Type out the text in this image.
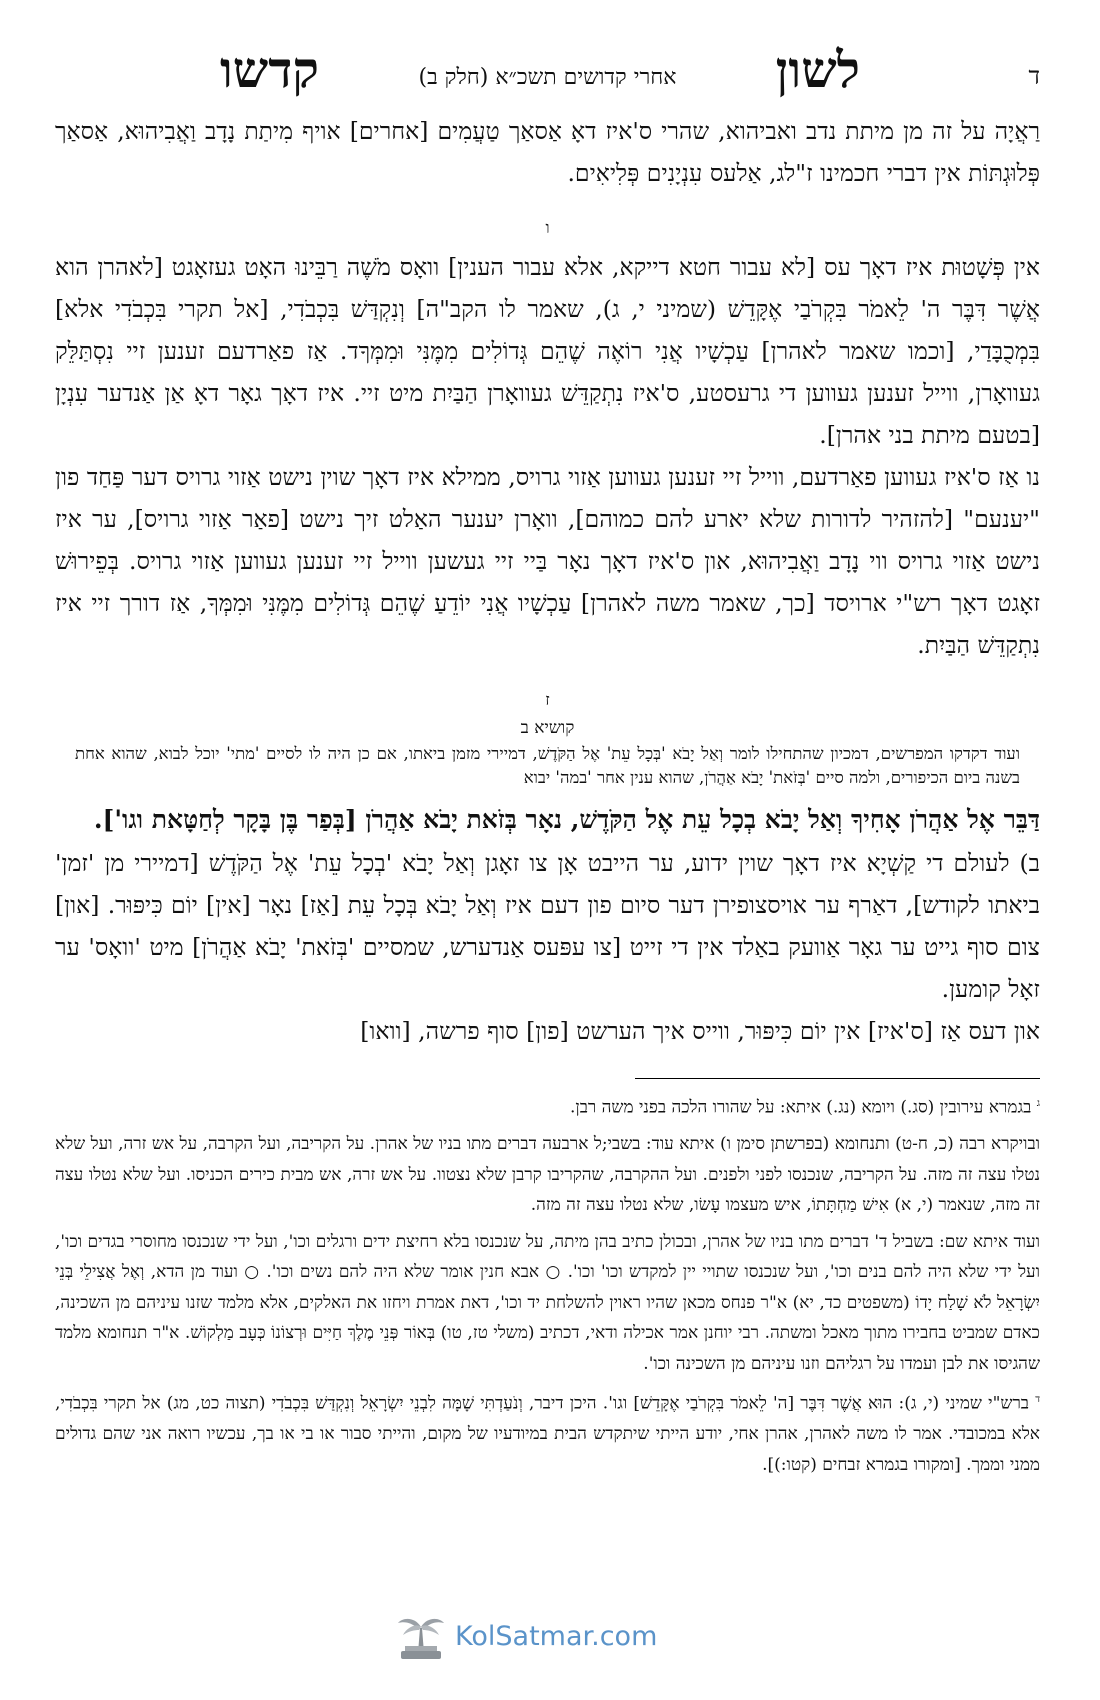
ד
לשון
אחרי קדושים תשכ״א (חלק ב)
קדשו

רַאֲיָה על זה מן מיתת נדב ואביהוא, שהרי ס'איז דאָ אַסאַך טַעֲמִים [אחרים] אויף מִיתַת נָדָב וַאֲבִיהוּא, אַסאַך פְּלוּגְתּוֹת אין דברי חכמינו ז"לג, אַלעס עִנְיָנִים פְּלִיאִים.

ו

אין פְּשָׁטוּת איז דאָך עס [לא עבור חטא דייקא, אלא עבור הענין] וואָס מֹשֶׁה רַבֵּינוּ האָט געזאָגט [לאהרן הוא אֲשֶׁר דִּבֶּר ה' לֵאמֹר בִּקְרֹבַי אֶקָּדֵשׁ (שמיני י, ג), שאמר לו הקב"ה] וְנִקְדַּשׁ בִּכְבֹדִי, [אל תקרי בִּכְבֹדִי אלא] בִּמְכֻבָּדַי, [וכמו שאמר לאהרן] עַכְשָׁיו אֲנִי רוֹאֶה שֶׁהֵם גְּדוֹלִים מִמֶּנִּי וּמִמְּךָד. אַז פאַרדעם זענען זיי נִסְתַּלֵּק געוואָרן, ווייל זענען געווען די גרעסטע, ס'איז נִתְקַדֵּשׁ געוואָרן הַבַּיִת מיט זיי. איז דאָך גאָר דאָ אַן אַנדער עִנְיָן [בטעם מיתת בני אהרן].

נו אַז ס'איז געווען פאַרדעם, ווייל זיי זענען געווען אַזוי גרויס, ממילא איז דאָך שוין נישט אַזוי גרויס דער פַּחַד פון "יענעם" [להזהיר לדורות שלא יארע להם כמוהם], וואָרן יענער האַלט זיך נישט [פאַר אַזוי גרויס], ער איז נישט אַזוי גרויס ווי נָדָב וַאֲבִיהוּא, און ס'איז דאָך נאָר בַּיי זיי געשען ווייל זיי זענען געווען אַזוי גרויס. בְּפֵירוּשׁ זאָגט דאָך רש"י ארויסד [כך, שאמר משה לאהרן] עַכְשָׁיו אֲנִי יוֹדֵעַ שֶׁהֵם גְּדוֹלִים מִמֶּנִּי וּמִמְּךָ, אַז דורך זיי איז נִתְקַדֵּשׁ הַבַּיִת.

ז
קושיא ב

ועוד דקדקו המפרשים, דמכיון שהתחילו לומר וְאַל יָבֹא 'בְּכָל עֵת' אֶל הַקֹּדֶשׁ, דמיירי מזמן ביאתו, אם כן היה לו לסיים 'מתי' יוכל לבוא, שהוא אחת בשנה ביום הכיפורים, ולמה סיים 'בְּזֹאת' יָבֹא אַהֲרֹן, שהוא ענין אחר 'במה' יבוא

דַּבֵּר אֶל אַהֲרֹן אָחִיךָ וְאַל יָבֹא בְכָל עֵת אֶל הַקֹּדֶשׁ, נאָר בְּזֹאת יָבֹא אַהֲרֹן [בְּפַר בֶּן בָּקָר לְחַטָּאת וגו'].

ב) לעולם די קַשְׁיָא איז דאָך שוין ידוע, ער הייבט אָן צו זאָגן וְאַל יָבֹא 'בְכָל עֵת' אֶל הַקֹּדֶשׁ [דמיירי מן 'זמן' ביאתו לקודש], דאַרף ער אויסצופירן דער סיום פון דעם איז וְאַל יָבֹא בְּכָל עֵת [אַז] נאָר [אין] יוֹם כִּיפּוּר. [און] צום סוף גייט ער גאָר אַוועק באַלד אין די זייט [צו עפּעס אַנדערש, שמסיים 'בְּזֹאת' יָבֹא אַהֲרֹן] מיט 'וואָס' ער זאָל קומען.

און דעס אַז [ס'איז] אין יוֹם כִּיפּוּר, ווייס איך הערשט [פון] סוף פרשה, [וואו]

$^ג$ בגמרא עירובין (סג.) ויומא (נג.) איתא: על שהורו הלכה בפני משה רבן.

ובויקרא רבה (כ, ח-ט) ותנחומא (בפרשתן סימן ו) איתא עוד: בשבי;ל ארבעה דברים מתו בניו של אהרן. על הקריבה, ועל הקרבה, על אש זרה, ועל שלא נטלו עצה זה מזה. על הקריבה, שנכנסו לפני ולפנים. ועל ההקרבה, שהקריבו קרבן שלא נצטוו. על אש זרה, אש מבית כירים הכניסו. ועל שלא נטלו עצה זה מזה, שנאמר (י, א) אִישׁ מַחְתָּתוֹ, איש מעצמו עָשׂו, שלא נטלו עצה זה מזה.

ועוד איתא שם: בשביל ד' דברים מתו בניו של אהרן, ובכולן כתיב בהן מיתה, על שנכנסו בלא רחיצת ידים ורגלים וכו', ועל ידי שנכנסו מחוסרי בגדים וכו', ועל ידי שלא היה להם בנים וכו', ועל שנכנסו שתויי יין למקדש וכו' וכו'. ○ אבא חנין אומר שלא היה להם נשים וכו'. ○ ועוד מן הדא, וְאֶל אֲצִילֵי בְּנֵי יִשְׂרָאֵל לֹא שָׁלַח יָדוֹ (משפטים כד, יא) א"ר פנחס מכאן שהיו ראוין להשלחת יד וכו', דאת אמרת ויחזו את האלקים, אלא מלמד שזנו עיניהם מן השכינה, כאדם שמביט בחבירו מתוך מאכל ומשתה. רבי יוחנן אמר אכילה ודאי, דכתיב (משלי טז, טו) בְּאוֹר פְּנֵי מֶלֶךְ חַיִּים וּרְצוֹנוֹ כְּעָב מַלְקוֹשׁ. א"ר תנחומא מלמד שהגיסו את לבן ועמדו על רגליהם וזנו עיניהם מן השכינה וכו'.

$^ד$ ברש"י שמיני (י, ג): הוּא אֲשֶׁר דִּבֶּר [ה' לֵאמֹר בִּקְרֹבַי אֶקָּדֵשׁ] וגו'. היכן דיבר, וְנֹעַדְתִּי שָׁמָּה לִבְנֵי יִשְׂרָאֵל וְנִקְדַּשׁ בִּכְבֹדִי (תצוה כט, מג) אל תקרי בִּכְבֹדִי, אלא במכובדי. אמר לו משה לאהרן, אהרן אחי, יודע הייתי שיתקדש הבית במיודעיו של מקום, והייתי סבור או בי או בך, עכשיו רואה אני שהם גדולים ממני וממך. [ומקורו בגמרא זבחים (קטו:)].

KolSatmar.com
